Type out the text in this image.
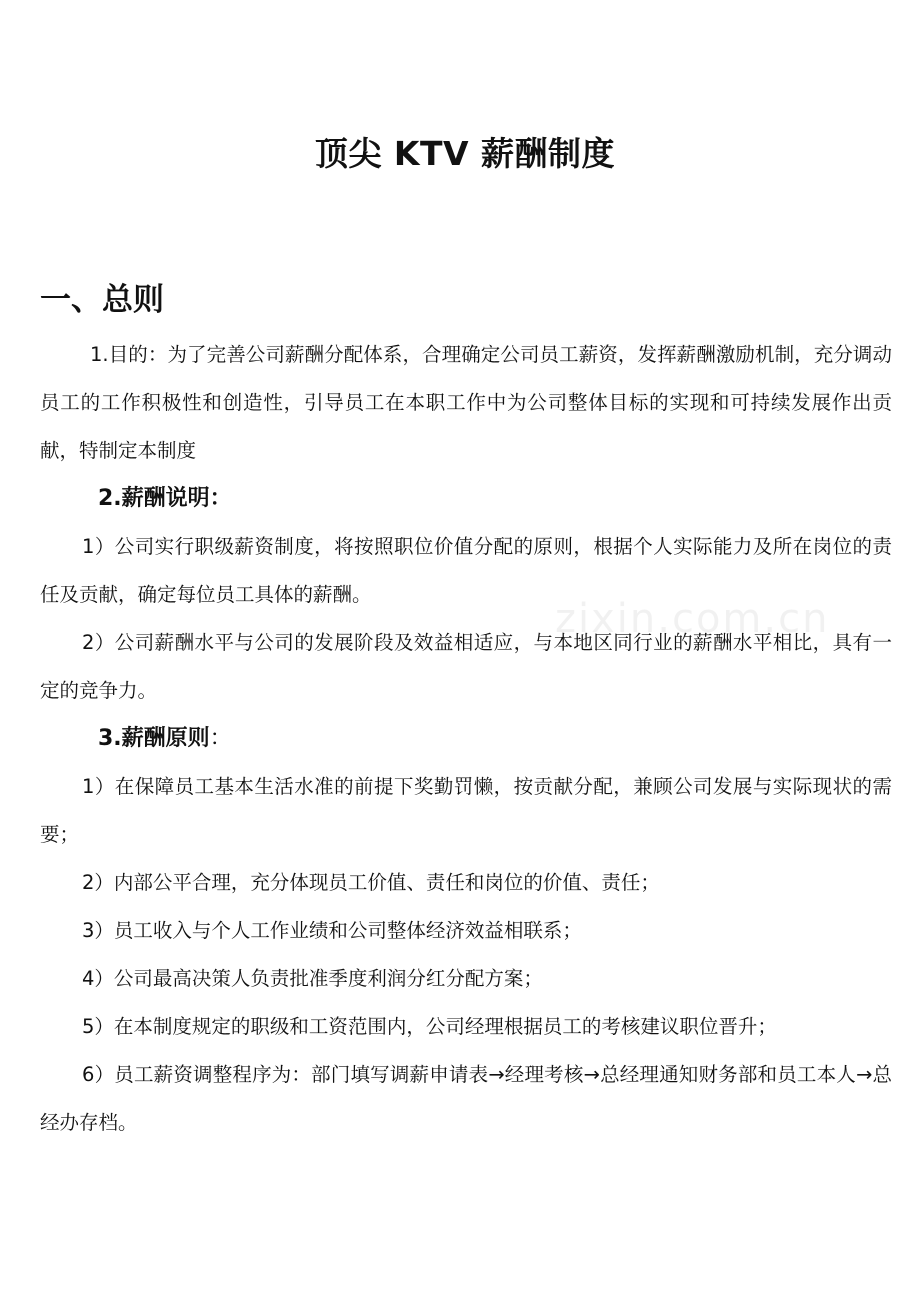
顶尖 KTV 薪酬制度
一、总则

1.目的：为了完善公司薪酬分配体系，合理确定公司员工薪资，发挥薪酬激励机制，充分调动员工的工作积极性和创造性，引导员工在本职工作中为公司整体目标的实现和可持续发展作出贡献，特制定本制度

2.薪酬说明：

1）公司实行职级薪资制度，将按照职位价值分配的原则，根据个人实际能力及所在岗位的责任及贡献，确定每位员工具体的薪酬。

2）公司薪酬水平与公司的发展阶段及效益相适应，与本地区同行业的薪酬水平相比，具有一定的竞争力。

3.薪酬原则：

1）在保障员工基本生活水准的前提下奖勤罚懒，按贡献分配，兼顾公司发展与实际现状的需要；

2）内部公平合理，充分体现员工价值、责任和岗位的价值、责任；

3）员工收入与个人工作业绩和公司整体经济效益相联系；

4）公司最高决策人负责批准季度利润分红分配方案；

5）在本制度规定的职级和工资范围内，公司经理根据员工的考核建议职位晋升；

6）员工薪资调整程序为：部门填写调薪申请表→经理考核→总经理通知财务部和员工本人→总经办存档。

zixin.com.cn
